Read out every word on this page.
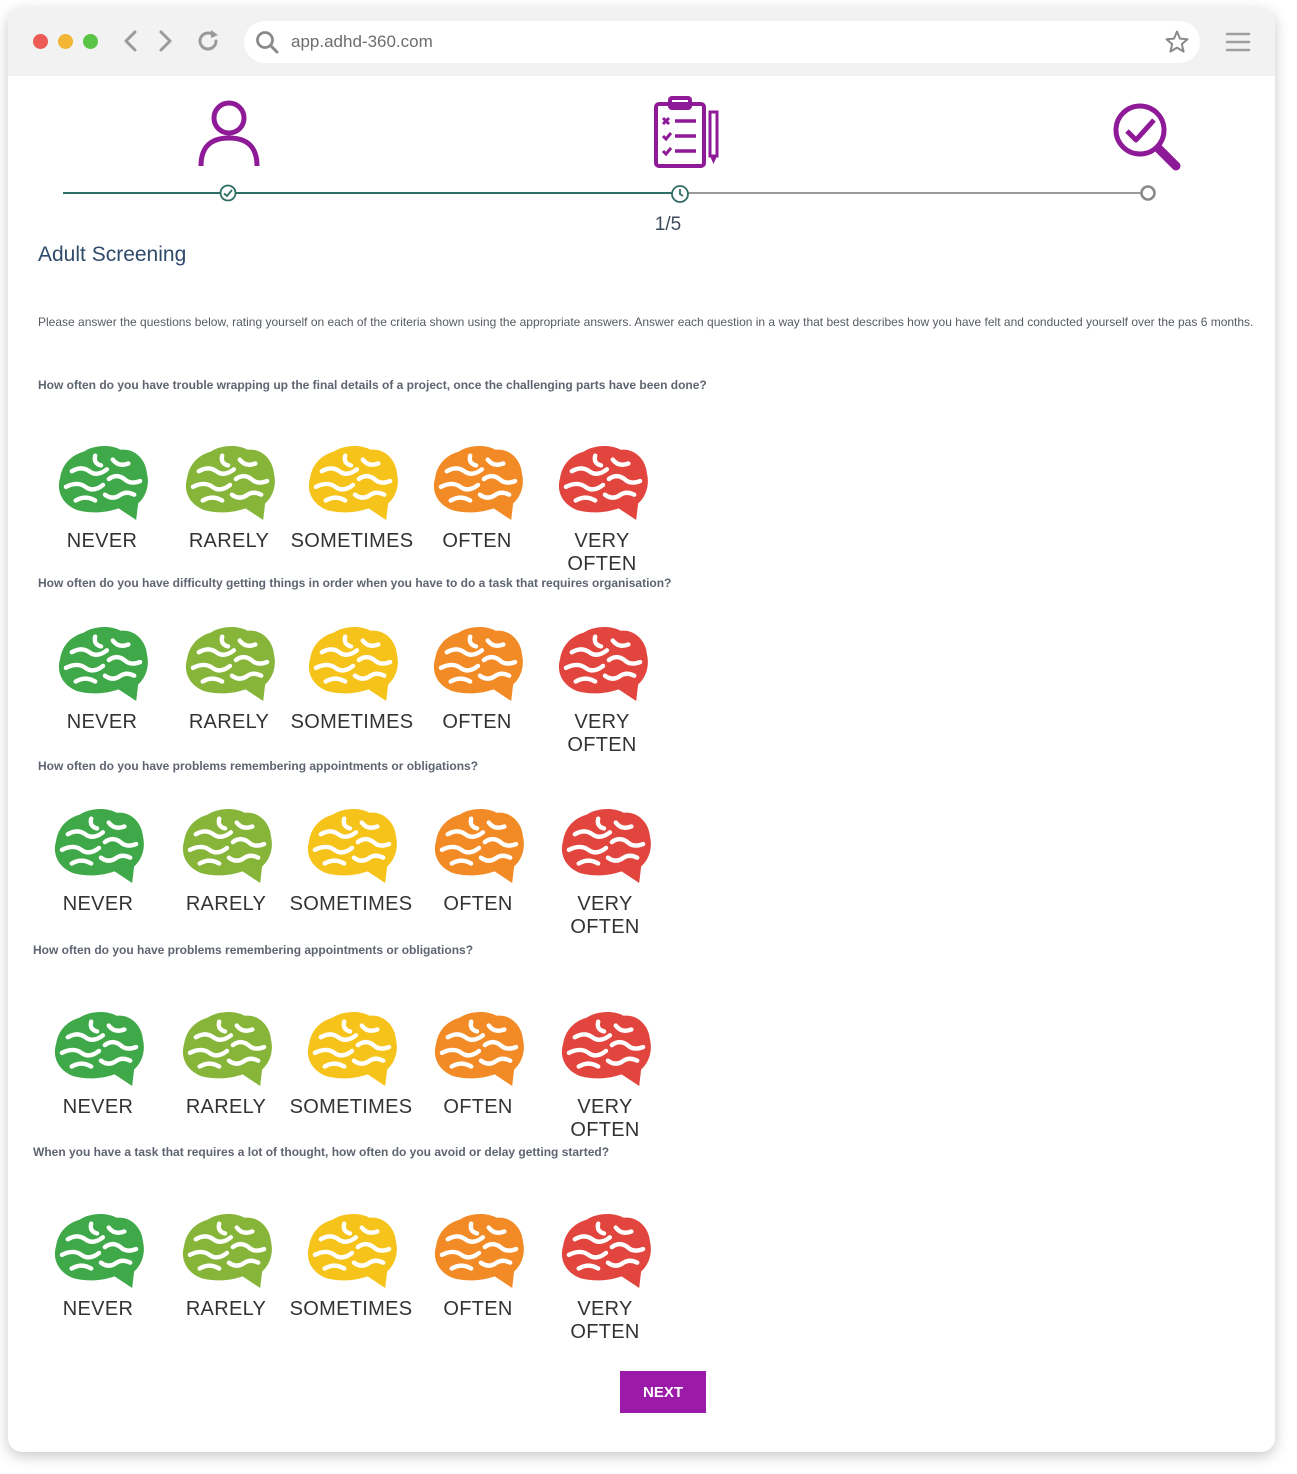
app.adhd-360.com
1/5
Adult Screening
Please answer the questions below, rating yourself on each of the criteria shown using the appropriate answers. Answer each question in a way that best describes how you have felt and conducted yourself over the pas 6 months.
How often do you have trouble wrapping up the final details of a project, once the challenging parts have been done?
NEVER	RARELY	SOMETIMES	OFTEN	VERY OFTEN
How often do you have difficulty getting things in order when you have to do a task that requires organisation?
NEVER	RARELY	SOMETIMES	OFTEN	VERY OFTEN
How often do you have problems remembering appointments or obligations?
NEVER	RARELY	SOMETIMES	OFTEN	VERY OFTEN
How often do you have problems remembering appointments or obligations?
NEVER	RARELY	SOMETIMES	OFTEN	VERY OFTEN
When you have a task that requires a lot of thought, how often do you avoid or delay getting started?
NEVER	RARELY	SOMETIMES	OFTEN	VERY OFTEN
NEXT
